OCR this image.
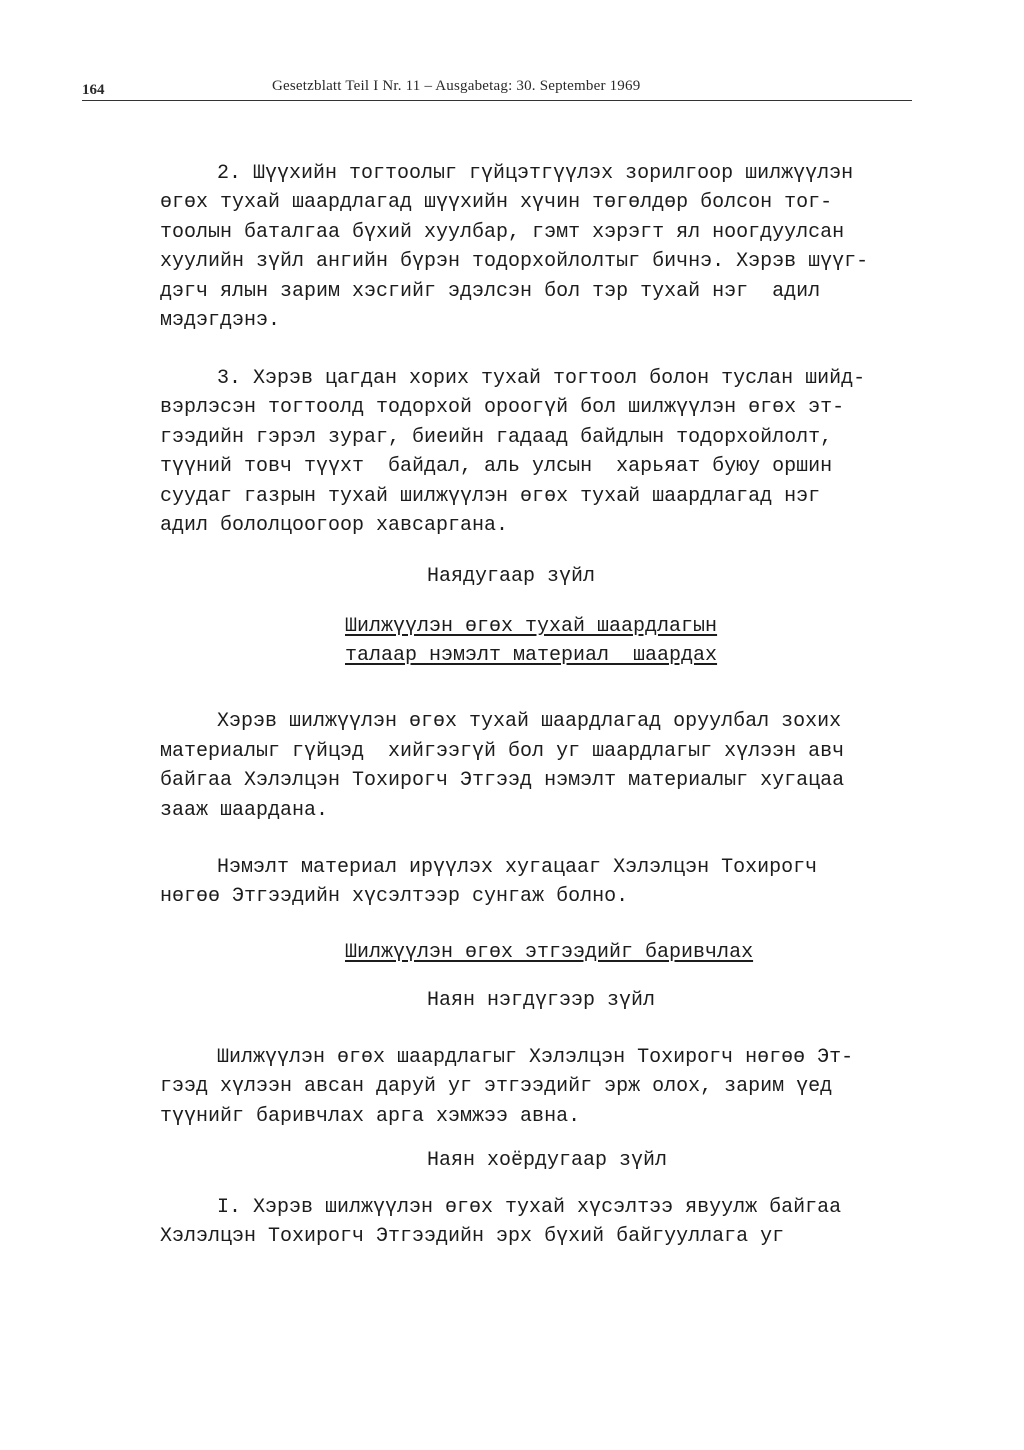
164	Gesetzblatt Teil I Nr. 11 – Ausgabetag: 30. September 1969
2. Шүүхийн тогтоолыг гүйцэтгүүлэх зорилгоор шилжүүлэн
өгөх тухай шаардлагад шүүхийн хүчин төгөлдөр болсон тог-
тоолын баталгаа бүхий хуулбар, гэмт хэрэгт ял ноогдуулсан
хуулийн зүйл ангийн бүрэн тодорхойлолтыг бичнэ. Хэрэв шүүг-
дэгч ялын зарим хэсгийг эдэлсэн бол тэр тухай нэг  адил
мэдэгдэнэ.
3. Хэрэв цагдан хорих тухай тогтоол болон туслан шийд-
вэрлэсэн тогтоолд тодорхой ороогүй бол шилжүүлэн өгөх эт-
гээдийн гэрэл зураг, биеийн гадаад байдлын тодорхойлолт,
түүний товч түүхт  байдал, аль улсын  харьяат буюу оршин
суудаг газрын тухай шилжүүлэн өгөх тухай шаардлагад нэг
адил бололцоогоор хавсаргана.
Наядугаар зүйл
Шилжүүлэн өгөх тухай шаардлагын
талаар нэмэлт материал  шаардах
Хэрэв шилжүүлэн өгөх тухай шаардлагад оруулбал зохих
материалыг гүйцэд  хийгээгүй бол уг шаардлагыг хүлээн авч
байгаа Хэлэлцэн Тохирогч Этгээд нэмэлт материалыг хугацаа
зааж шаардана.
Нэмэлт материал ирүүлэх хугацааг Хэлэлцэн Тохирогч
нөгөө Этгээдийн хүсэлтээр сунгаж болно.
Шилжүүлэн өгөх этгээдийг баривчлах
Наян нэгдүгээр зүйл
Шилжүүлэн өгөх шаардлагыг Хэлэлцэн Тохирогч нөгөө Эт-
гээд хүлээн авсан даруй уг этгээдийг эрж олох, зарим үед
түүнийг баривчлах арга хэмжээ авна.
Наян хоёрдугаар зүйл
I. Хэрэв шилжүүлэн өгөх тухай хүсэлтээ явуулж байгаа
Хэлэлцэн Тохирогч Этгээдийн эрх бүхий байгууллага уг
